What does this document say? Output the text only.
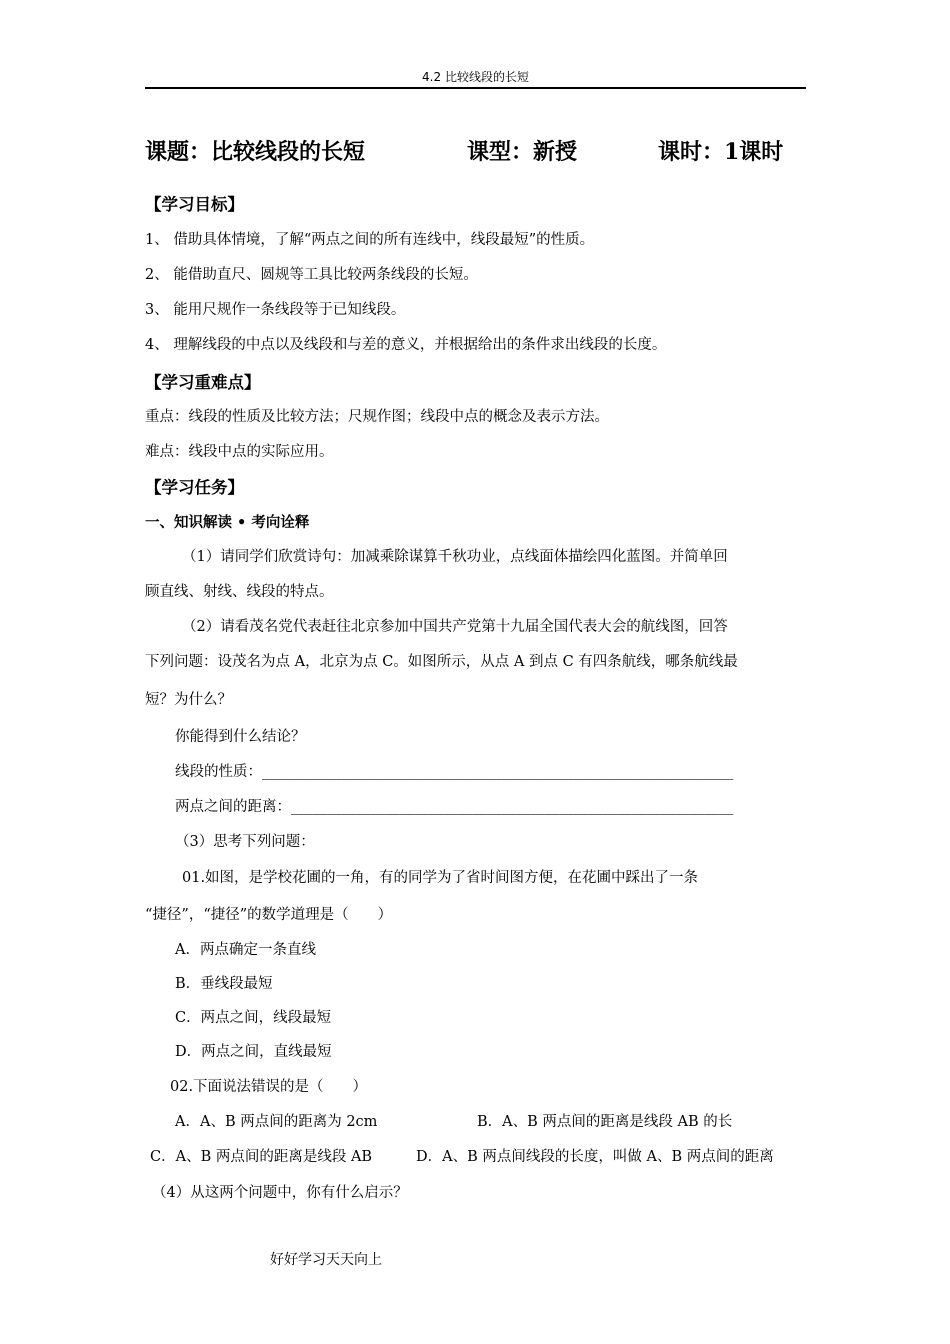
4.2 比较线段的长短
课题：比较线段的长短	课型：新授	课时：1课时
【学习目标】
1、 借助具体情境，了解“两点之间的所有连线中，线段最短”的性质。
2、 能借助直尺、圆规等工具比较两条线段的长短。
3、 能用尺规作一条线段等于已知线段。
4、 理解线段的中点以及线段和与差的意义，并根据给出的条件求出线段的长度。
【学习重难点】
重点：线段的性质及比较方法；尺规作图；线段中点的概念及表示方法。
难点：线段中点的实际应用。
【学习任务】
一、知识解读 • 考向诠释
（1）请同学们欣赏诗句：加减乘除谋算千秋功业，点线面体描绘四化蓝图。并简单回
顾直线、射线、线段的特点。
（2）请看茂名党代表赶往北京参加中国共产党第十九届全国代表大会的航线图，回答
下列问题：设茂名为点 A，北京为点 C。如图所示，从点 A 到点 C 有四条航线，哪条航线最
短？为什么？
你能得到什么结论？
线段的性质：_________________________________________________________________
两点之间的距离：_____________________________________________________________
（3）思考下列问题：
01.如图，是学校花圃的一角，有的同学为了省时间图方便，在花圃中踩出了一条
“捷径”，“捷径”的数学道理是（　　）
A．两点确定一条直线
B．垂线段最短
C．两点之间，线段最短
D．两点之间，直线最短
02.下面说法错误的是（　　）
A．A、B 两点间的距离为 2cm	B．A、B 两点间的距离是线段 AB 的长
C．A、B 两点间的距离是线段 AB	D．A、B 两点间线段的长度，叫做 A、B 两点间的距离
（4）从这两个问题中，你有什么启示？
好好学习天天向上
